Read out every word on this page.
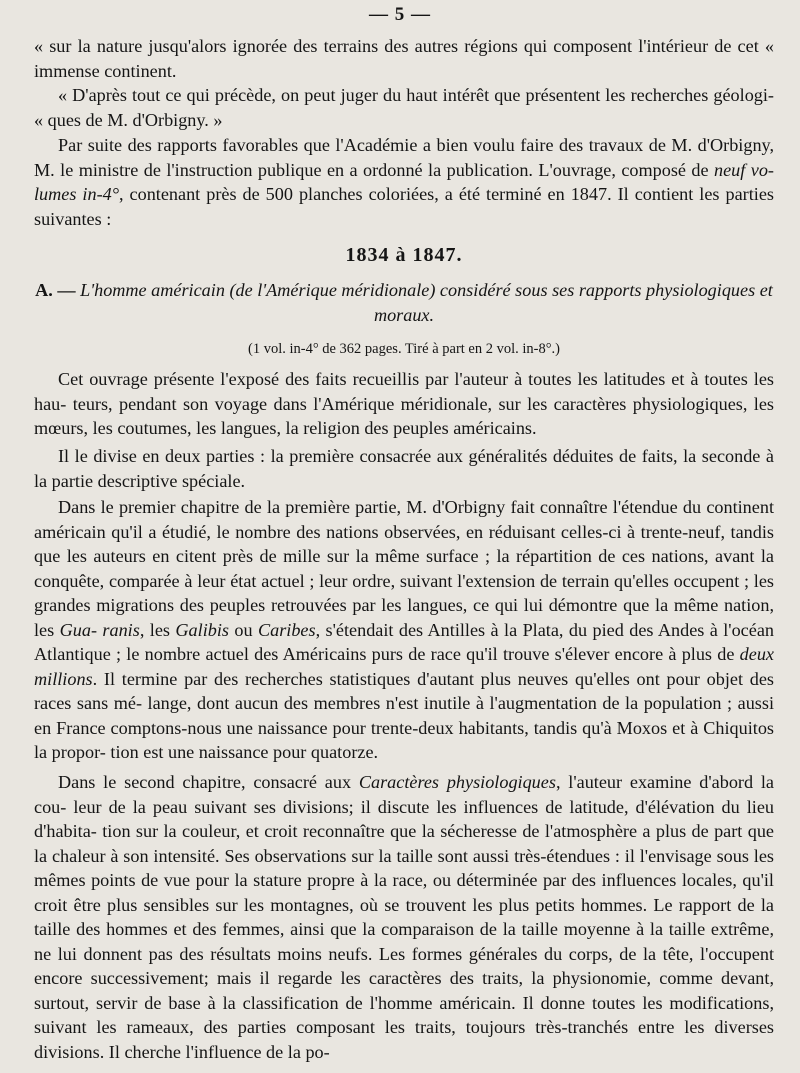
— 5 —
« sur la nature jusqu'alors ignorée des terrains des autres régions qui composent l'intérieur de cet « immense continent.
« D'après tout ce qui précède, on peut juger du haut intérêt que présentent les recherches géologi- « ques de M. d'Orbigny. »
Par suite des rapports favorables que l'Académie a bien voulu faire des travaux de M. d'Orbigny, M. le ministre de l'instruction publique en a ordonné la publication. L'ouvrage, composé de neuf vo- lumes in-4°, contenant près de 500 planches coloriées, a été terminé en 1847. Il contient les parties suivantes :
1834 à 1847.
A. — L'homme américain (de l'Amérique méridionale) considéré sous ses rapports physiologiques et moraux.
(1 vol. in-4° de 362 pages. Tiré à part en 2 vol. in-8°.)
Cet ouvrage présente l'exposé des faits recueillis par l'auteur à toutes les latitudes et à toutes les hau- teurs, pendant son voyage dans l'Amérique méridionale, sur les caractères physiologiques, les mœurs, les coutumes, les langues, la religion des peuples américains.
Il le divise en deux parties : la première consacrée aux généralités déduites de faits, la seconde à la partie descriptive spéciale.
Dans le premier chapitre de la première partie, M. d'Orbigny fait connaître l'étendue du continent américain qu'il a étudié, le nombre des nations observées, en réduisant celles-ci à trente-neuf, tandis que les auteurs en citent près de mille sur la même surface ; la répartition de ces nations, avant la conquête, comparée à leur état actuel ; leur ordre, suivant l'extension de terrain qu'elles occupent ; les grandes migrations des peuples retrouvées par les langues, ce qui lui démontre que la même nation, les Gua- ranis, les Galibis ou Caribes, s'étendait des Antilles à la Plata, du pied des Andes à l'océan Atlantique ; le nombre actuel des Américains purs de race qu'il trouve s'élever encore à plus de deux millions. Il termine par des recherches statistiques d'autant plus neuves qu'elles ont pour objet des races sans mé- lange, dont aucun des membres n'est inutile à l'augmentation de la population ; aussi en France comptons-nous une naissance pour trente-deux habitants, tandis qu'à Moxos et à Chiquitos la propor- tion est une naissance pour quatorze.
Dans le second chapitre, consacré aux Caractères physiologiques, l'auteur examine d'abord la cou- leur de la peau suivant ses divisions; il discute les influences de latitude, d'élévation du lieu d'habita- tion sur la couleur, et croit reconnaître que la sécheresse de l'atmosphère a plus de part que la chaleur à son intensité. Ses observations sur la taille sont aussi très-étendues : il l'envisage sous les mêmes points de vue pour la stature propre à la race, ou déterminée par des influences locales, qu'il croit être plus sensibles sur les montagnes, où se trouvent les plus petits hommes. Le rapport de la taille des hommes et des femmes, ainsi que la comparaison de la taille moyenne à la taille extrême, ne lui donnent pas des résultats moins neufs. Les formes générales du corps, de la tête, l'occupent encore successivement; mais il regarde les caractères des traits, la physionomie, comme devant, surtout, servir de base à la classification de l'homme américain. Il donne toutes les modifications, suivant les rameaux, des parties composant les traits, toujours très-tranchés entre les diverses divisions. Il cherche l'influence de la po-
